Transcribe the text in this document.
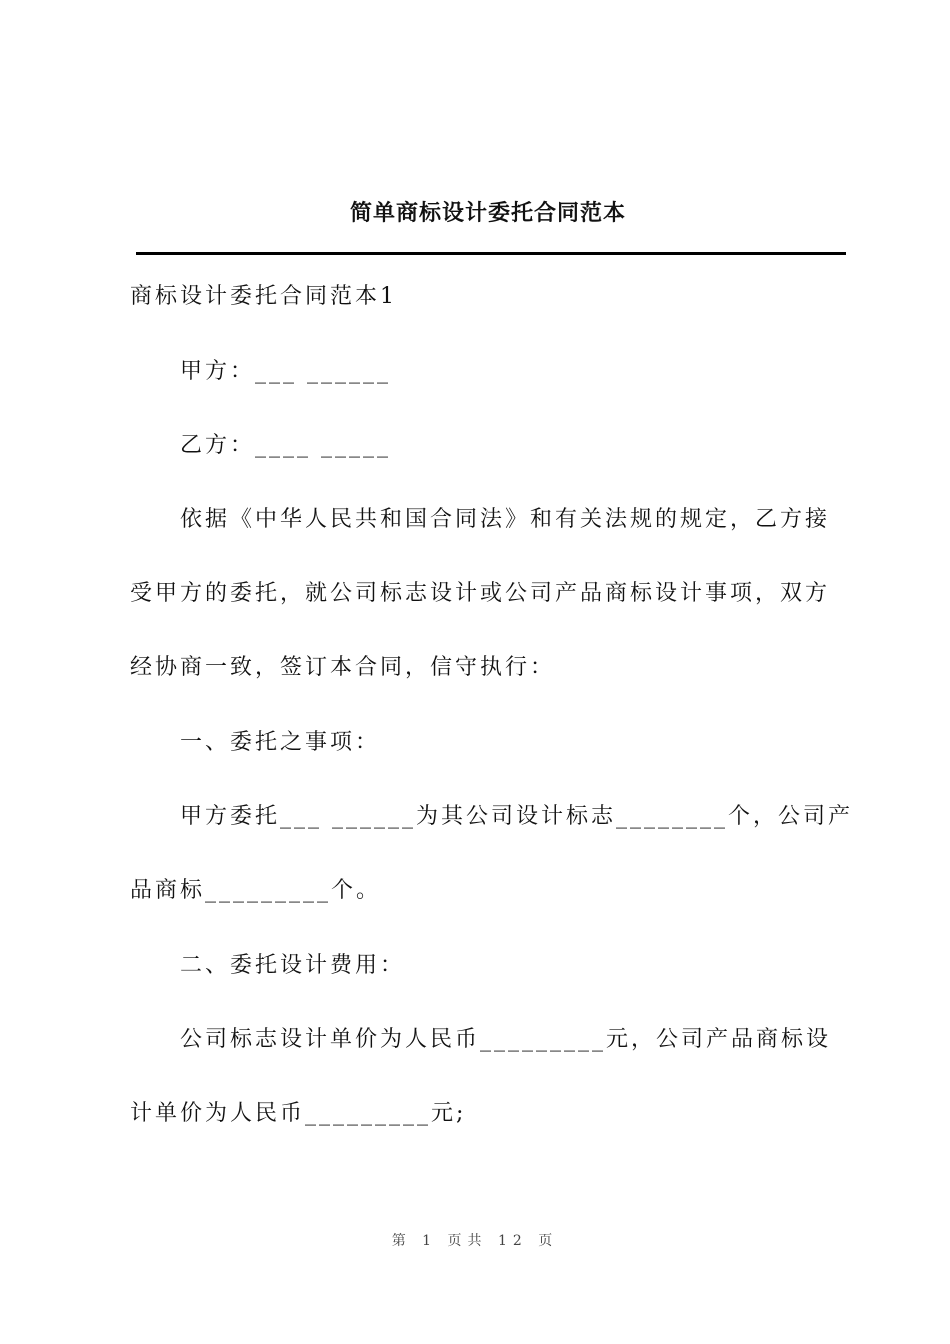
简单商标设计委托合同范本
商标设计委托合同范本1
甲方：___ ______
乙方：____ _____
依据《中华人民共和国合同法》和有关法规的规定，乙方接
受甲方的委托，就公司标志设计或公司产品商标设计事项，双方
经协商一致，签订本合同，信守执行：
一、委托之事项：
甲方委托___ ______为其公司设计标志________个，公司产
品商标_________个。
二、委托设计费用：
公司标志设计单价为人民币_________元，公司产品商标设
计单价为人民币_________元;
第 1 页共 12 页
